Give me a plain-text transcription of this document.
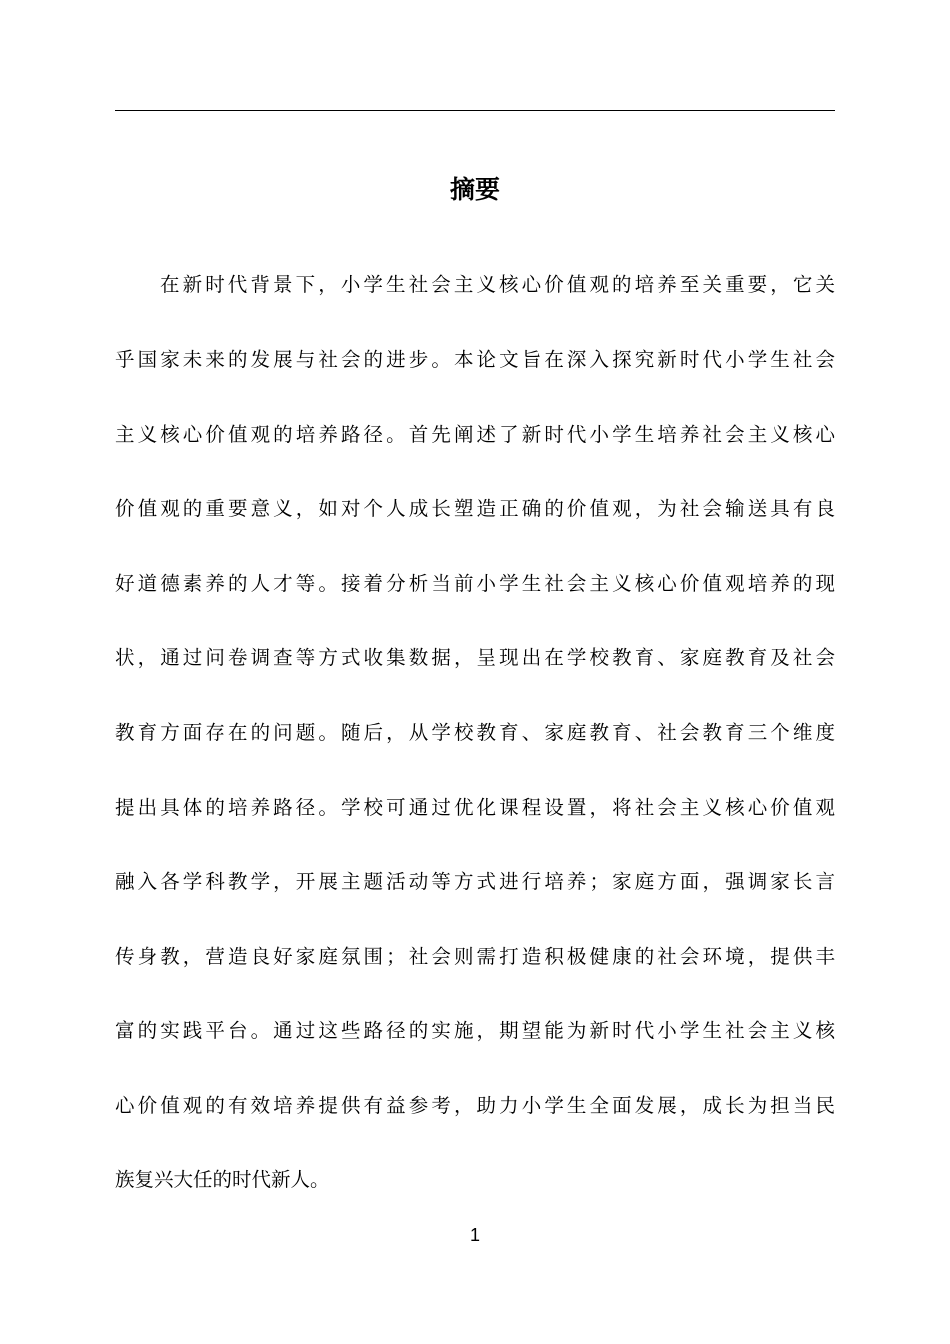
摘要
在新时代背景下，小学生社会主义核心价值观的培养至关重要，它关
乎国家未来的发展与社会的进步。本论文旨在深入探究新时代小学生社会
主义核心价值观的培养路径。首先阐述了新时代小学生培养社会主义核心
价值观的重要意义，如对个人成长塑造正确的价值观，为社会输送具有良
好道德素养的人才等。接着分析当前小学生社会主义核心价值观培养的现
状，通过问卷调查等方式收集数据，呈现出在学校教育、家庭教育及社会
教育方面存在的问题。随后，从学校教育、家庭教育、社会教育三个维度
提出具体的培养路径。学校可通过优化课程设置，将社会主义核心价值观
融入各学科教学，开展主题活动等方式进行培养；家庭方面，强调家长言
传身教，营造良好家庭氛围；社会则需打造积极健康的社会环境，提供丰
富的实践平台。通过这些路径的实施，期望能为新时代小学生社会主义核
心价值观的有效培养提供有益参考，助力小学生全面发展，成长为担当民
族复兴大任的时代新人。
1
